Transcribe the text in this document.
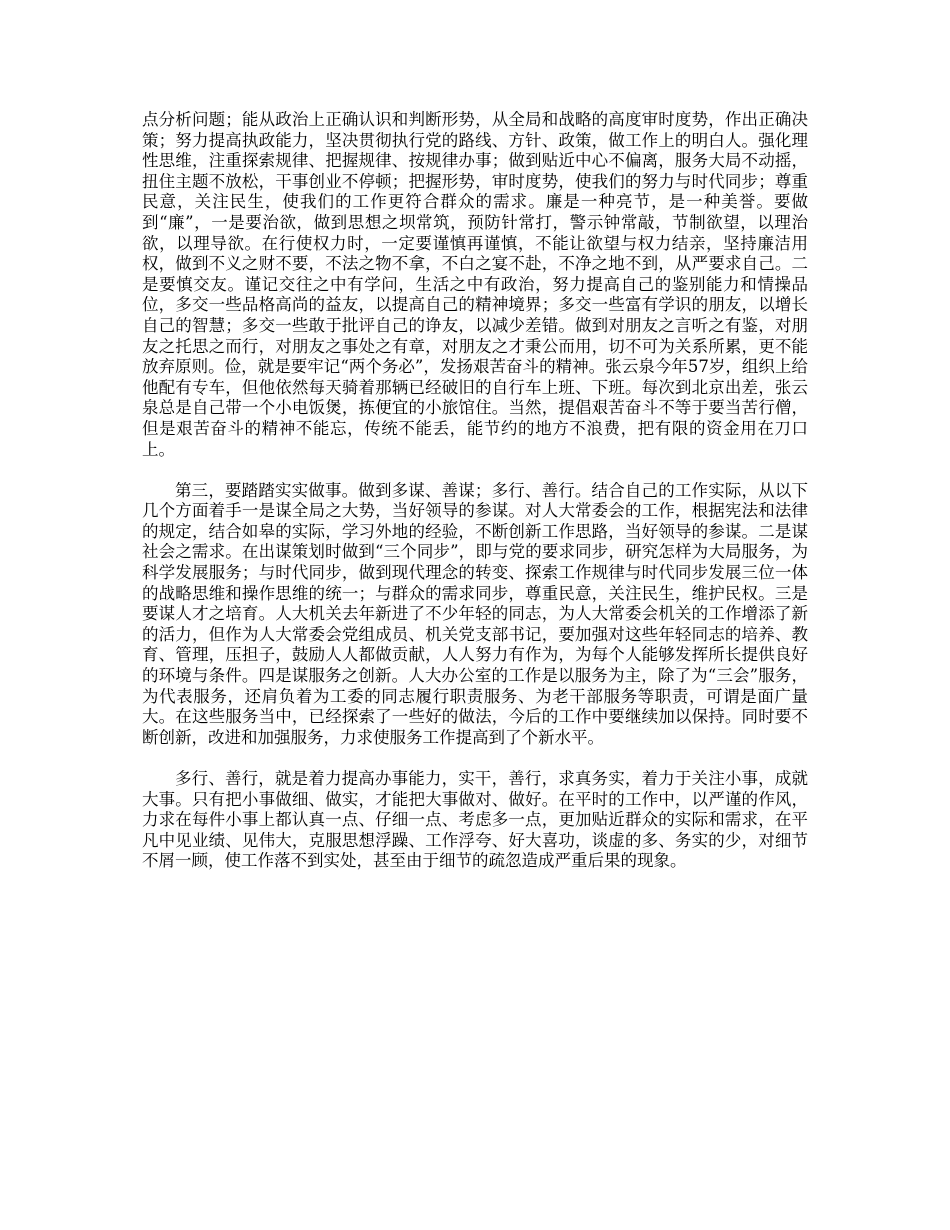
点分析问题；能从政治上正确认识和判断形势，从全局和战略的高度审时度势，作出正确决策；努力提高执政能力，坚决贯彻执行党的路线、方针、政策，做工作上的明白人。强化理性思维，注重探索规律、把握规律、按规律办事；做到贴近中心不偏离，服务大局不动摇，扭住主题不放松，干事创业不停顿；把握形势，审时度势，使我们的努力与时代同步；尊重民意，关注民生，使我们的工作更符合群众的需求。廉是一种亮节，是一种美誉。要做到“廉”，一是要治欲，做到思想之坝常筑，预防针常打，警示钟常敲，节制欲望，以理治欲，以理导欲。在行使权力时，一定要谨慎再谨慎，不能让欲望与权力结亲，坚持廉洁用权，做到不义之财不要，不法之物不拿，不白之宴不赴，不净之地不到，从严要求自己。二是要慎交友。谨记交往之中有学问，生活之中有政治，努力提高自己的鉴别能力和情操品位，多交一些品格高尚的益友，以提高自己的精神境界；多交一些富有学识的朋友，以增长自己的智慧；多交一些敢于批评自己的诤友，以减少差错。做到对朋友之言听之有鉴，对朋友之托思之而行，对朋友之事处之有章，对朋友之才秉公而用，切不可为关系所累，更不能放弃原则。俭，就是要牢记“两个务必”，发扬艰苦奋斗的精神。张云泉今年57岁，组织上给他配有专车，但他依然每天骑着那辆已经破旧的自行车上班、下班。每次到北京出差，张云泉总是自己带一个小电饭煲，拣便宜的小旅馆住。当然，提倡艰苦奋斗不等于要当苦行僧，但是艰苦奋斗的精神不能忘，传统不能丢，能节约的地方不浪费，把有限的资金用在刀口上。

第三，要踏踏实实做事。做到多谋、善谋；多行、善行。结合自己的工作实际，从以下几个方面着手一是谋全局之大势，当好领导的参谋。对人大常委会的工作，根据宪法和法律的规定，结合如皋的实际，学习外地的经验，不断创新工作思路，当好领导的参谋。二是谋社会之需求。在出谋策划时做到“三个同步”，即与党的要求同步，研究怎样为大局服务，为科学发展服务；与时代同步，做到现代理念的转变、探索工作规律与时代同步发展三位一体的战略思维和操作思维的统一；与群众的需求同步，尊重民意，关注民生，维护民权。三是要谋人才之培育。人大机关去年新进了不少年轻的同志，为人大常委会机关的工作增添了新的活力，但作为人大常委会党组成员、机关党支部书记，要加强对这些年轻同志的培养、教育、管理，压担子，鼓励人人都做贡献，人人努力有作为，为每个人能够发挥所长提供良好的环境与条件。四是谋服务之创新。人大办公室的工作是以服务为主，除了为“三会”服务，为代表服务，还肩负着为工委的同志履行职责服务、为老干部服务等职责，可谓是面广量大。在这些服务当中，已经探索了一些好的做法，今后的工作中要继续加以保持。同时要不断创新，改进和加强服务，力求使服务工作提高到了个新水平。

多行、善行，就是着力提高办事能力，实干，善行，求真务实，着力于关注小事，成就大事。只有把小事做细、做实，才能把大事做对、做好。在平时的工作中，以严谨的作风，力求在每件小事上都认真一点、仔细一点、考虑多一点，更加贴近群众的实际和需求，在平凡中见业绩、见伟大，克服思想浮躁、工作浮夸、好大喜功，谈虚的多、务实的少，对细节不屑一顾，使工作落不到实处，甚至由于细节的疏忽造成严重后果的现象。
